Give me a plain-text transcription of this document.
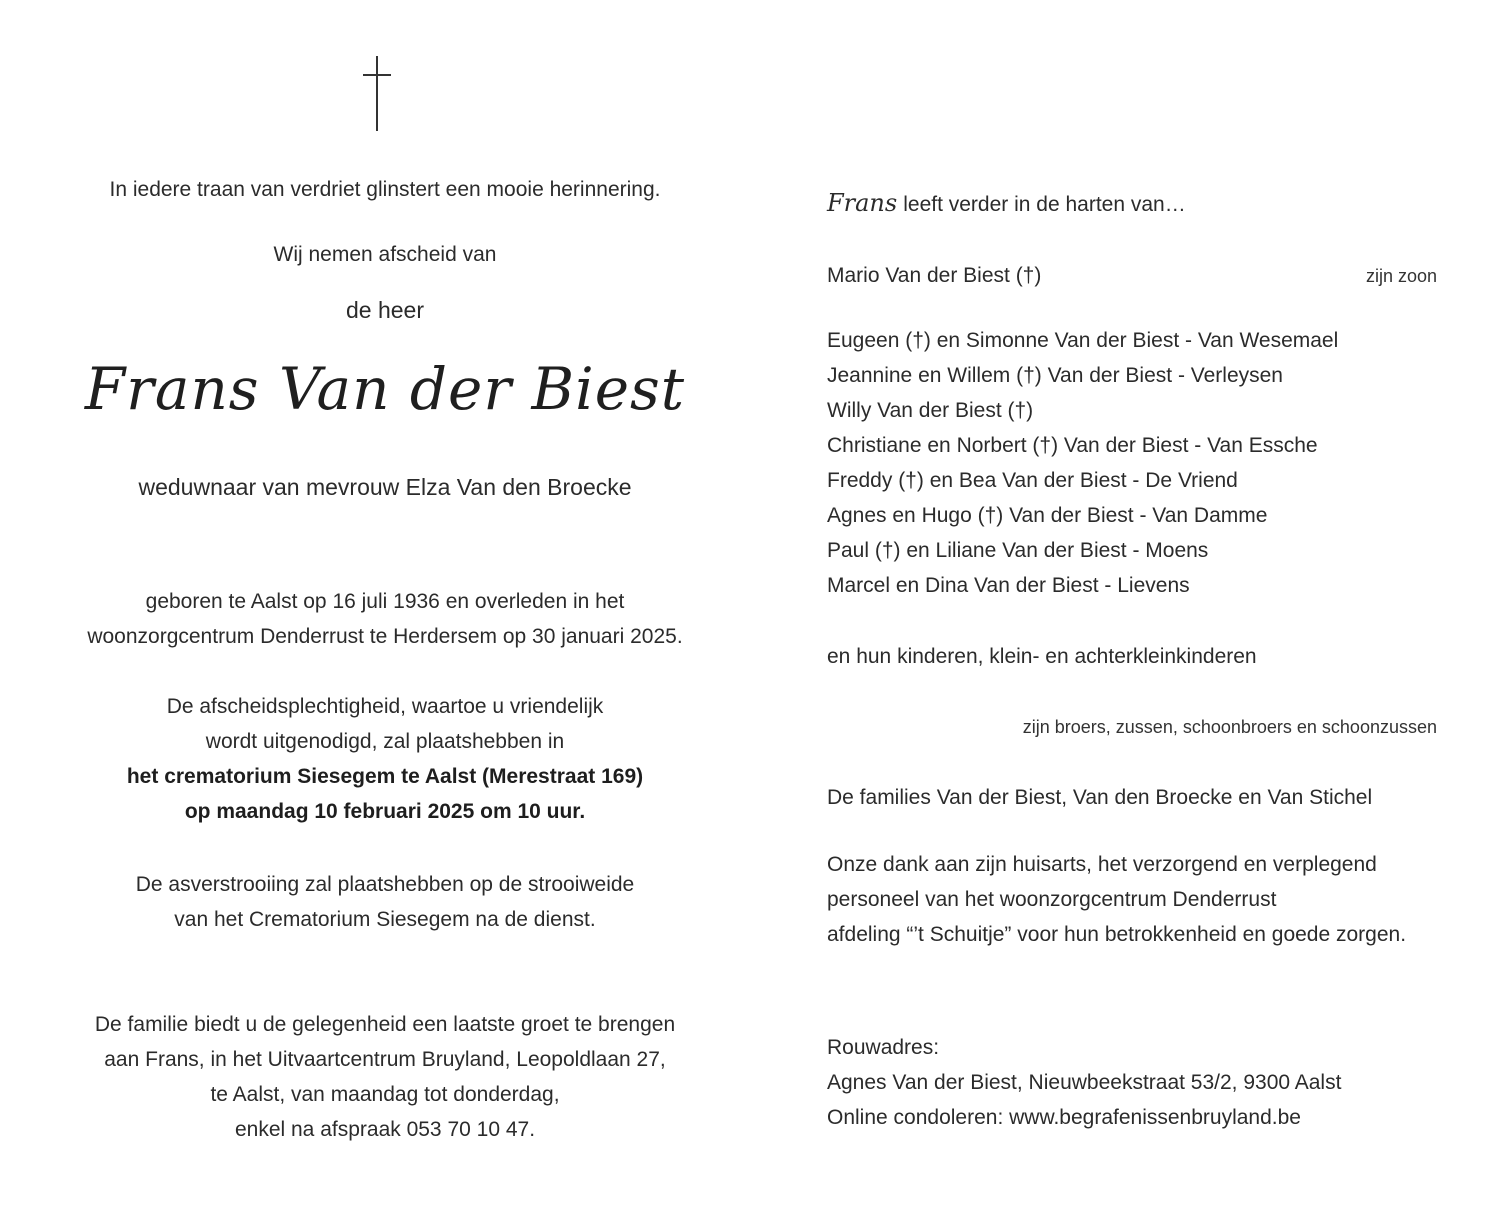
In iedere traan van verdriet glinstert een mooie herinnering.
Wij nemen afscheid van
de heer
Frans Van der Biest
weduwnaar van mevrouw Elza Van den Broecke
geboren te Aalst op 16 juli 1936 en overleden in het
woonzorgcentrum Denderrust te Herdersem op 30 januari 2025.
De afscheidsplechtigheid, waartoe u vriendelijk
wordt uitgenodigd, zal plaatshebben in
het crematorium Siesegem te Aalst (Merestraat 169)
op maandag 10 februari 2025 om 10 uur.
De asverstrooiing zal plaatshebben op de strooiweide
van het Crematorium Siesegem na de dienst.
De familie biedt u de gelegenheid een laatste groet te brengen
aan Frans, in het Uitvaartcentrum Bruyland, Leopoldlaan 27,
te Aalst, van maandag tot donderdag,
enkel na afspraak 053 70 10 47.
Frans leeft verder in de harten van…
Mario Van der Biest (†)	zijn zoon
Eugeen (†) en Simonne Van der Biest - Van Wesemael
Jeannine en Willem (†) Van der Biest - Verleysen
Willy Van der Biest (†)
Christiane en Norbert (†) Van der Biest - Van Essche
Freddy (†) en Bea Van der Biest - De Vriend
Agnes en Hugo (†) Van der Biest - Van Damme
Paul (†) en Liliane Van der Biest - Moens
Marcel en Dina Van der Biest - Lievens
en hun kinderen, klein- en achterkleinkinderen
zijn broers, zussen, schoonbroers en schoonzussen
De families Van der Biest, Van den Broecke en Van Stichel
Onze dank aan zijn huisarts, het verzorgend en verplegend
personeel van het woonzorgcentrum Denderrust
afdeling “’t Schuitje” voor hun betrokkenheid en goede zorgen.
Rouwadres:
Agnes Van der Biest, Nieuwbeekstraat 53/2, 9300 Aalst
Online condoleren: www.begrafenissenbruyland.be
